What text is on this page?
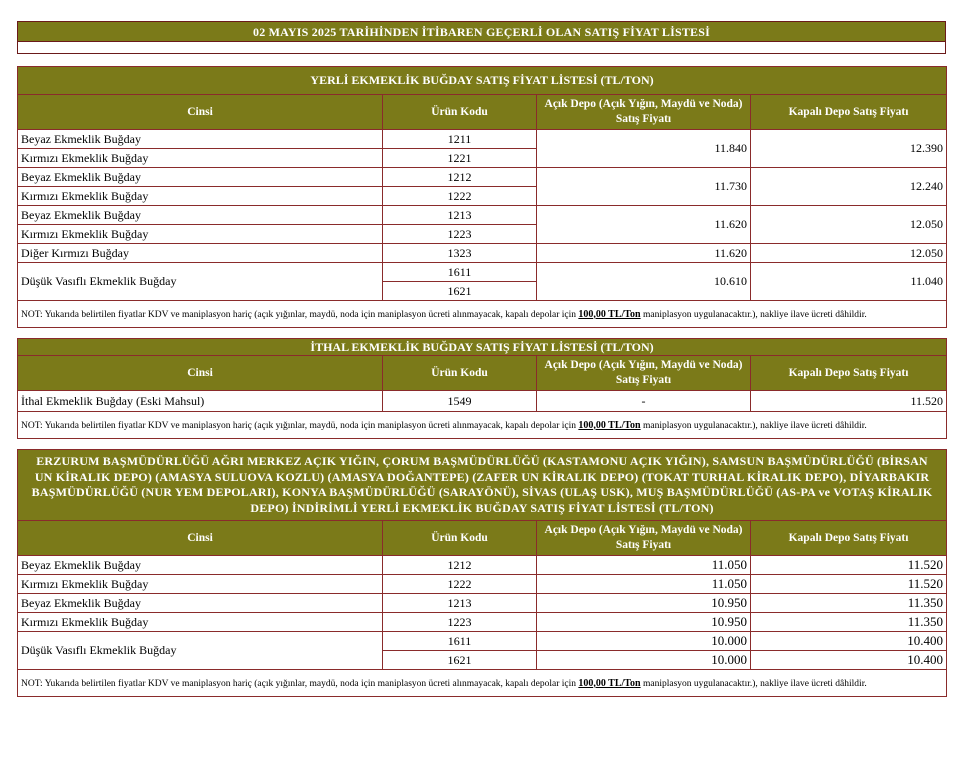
02 MAYIS 2025 TARİHİNDEN İTİBAREN GEÇERLİ OLAN SATIŞ FİYAT LİSTESİ
YERLİ EKMEKLİK BUĞDAY SATIŞ FİYAT LİSTESİ (TL/TON)			
Cinsi	Ürün Kodu	Açık Depo (Açık Yığın, Maydü ve Noda) Satış Fiyatı	Kapalı Depo Satış Fiyatı
Beyaz Ekmeklik Buğday	1211	11.840	12.390
Kırmızı Ekmeklik Buğday	1221		
Beyaz Ekmeklik Buğday	1212	11.730	12.240
Kırmızı Ekmeklik Buğday	1222		
Beyaz Ekmeklik Buğday	1213	11.620	12.050
Kırmızı Ekmeklik Buğday	1223		
Diğer Kırmızı Buğday	1323	11.620	12.050
Düşük Vasıflı Ekmeklik Buğday	1611	10.610	11.040
	1621		
NOT: Yukarıda belirtilen fiyatlar KDV ve maniplasyon hariç (açık yığınlar, maydü, noda için maniplasyon ücreti alınmayacak, kapalı depolar için 100,00 TL/Ton maniplasyon uygulanacaktır.), nakliye ilave ücreti dâhildir.			
İTHAL EKMEKLİK BUĞDAY SATIŞ FİYAT LİSTESİ (TL/TON)			
Cinsi	Ürün Kodu	Açık Depo (Açık Yığın, Maydü ve Noda) Satış Fiyatı	Kapalı Depo Satış Fiyatı
İthal Ekmeklik Buğday (Eski Mahsul)	1549	-	11.520
NOT: Yukarıda belirtilen fiyatlar KDV ve maniplasyon hariç (açık yığınlar, maydü, noda için maniplasyon ücreti alınmayacak, kapalı depolar için 100,00 TL/Ton maniplasyon uygulanacaktır.), nakliye ilave ücreti dâhildir.			
ERZURUM BAŞMÜDÜRLÜĞÜ AĞRI MERKEZ AÇIK YIĞIN, ÇORUM BAŞMÜDÜRLÜĞÜ (KASTAMONU AÇIK YIĞIN), SAMSUN BAŞMÜDÜRLÜĞÜ (BİRSAN UN KİRALIK DEPO) (AMASYA SULUOVA KOZLU) (AMASYA DOĞANTEPE) (ZAFER UN KİRALIK DEPO) (TOKAT TURHAL KİRALIK DEPO), DİYARBAKIR BAŞMÜDÜRLÜĞÜ (NUR YEM DEPOLARI), KONYA BAŞMÜDÜRLÜĞÜ (SARAYÖNÜ), SİVAS (ULAŞ USK), MUŞ BAŞMÜDÜRLÜĞÜ (AS-PA ve VOTAŞ KİRALIK DEPO) İNDİRİMLİ YERLİ EKMEKLİK BUĞDAY SATIŞ FİYAT LİSTESİ (TL/TON)			
Cinsi	Ürün Kodu	Açık Depo (Açık Yığın, Maydü ve Noda) Satış Fiyatı	Kapalı Depo Satış Fiyatı
Beyaz Ekmeklik Buğday	1212	11.050	11.520
Kırmızı Ekmeklik Buğday	1222	11.050	11.520
Beyaz Ekmeklik Buğday	1213	10.950	11.350
Kırmızı Ekmeklik Buğday	1223	10.950	11.350
Düşük Vasıflı Ekmeklik Buğday	1611	10.000	10.400
	1621	10.000	10.400
NOT: Yukarıda belirtilen fiyatlar KDV ve maniplasyon hariç (açık yığınlar, maydü, noda için maniplasyon ücreti alınmayacak, kapalı depolar için 100,00 TL/Ton maniplasyon uygulanacaktır.), nakliye ilave ücreti dâhildir.			
